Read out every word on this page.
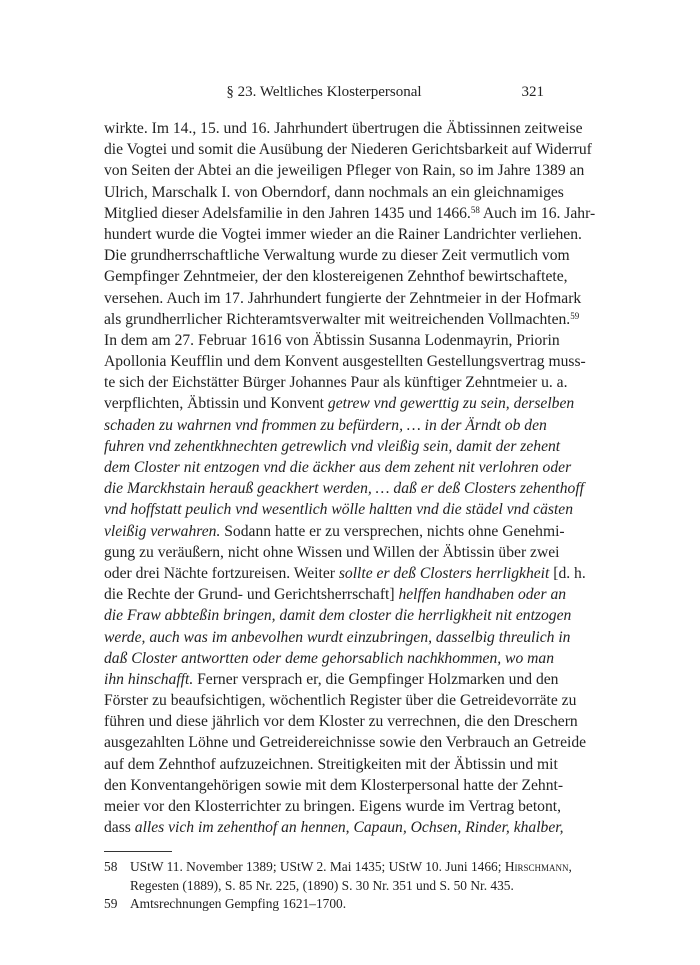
§ 23. Weltliches Klosterpersonal	321
wirkte. Im 14., 15. und 16. Jahrhundert übertrugen die Äbtissinnen zeitweise
die Vogtei und somit die Ausübung der Niederen Gerichtsbarkeit auf Widerruf
von Seiten der Abtei an die jeweiligen Pfleger von Rain, so im Jahre 1389 an
Ulrich, Marschalk I. von Oberndorf, dann nochmals an ein gleichnamiges
Mitglied dieser Adelsfamilie in den Jahren 1435 und 1466.58 Auch im 16. Jahr-
hundert wurde die Vogtei immer wieder an die Rainer Landrichter verliehen.
Die grundherrschaftliche Verwaltung wurde zu dieser Zeit vermutlich vom
Gempfinger Zehntmeier, der den klostereigenen Zehnthof bewirtschaftete,
versehen. Auch im 17. Jahrhundert fungierte der Zehntmeier in der Hofmark
als grundherrlicher Richteramtsverwalter mit weitreichenden Vollmachten.$^{59}$
In dem am 27. Februar 1616 von Äbtissin Susanna Lodenmayrin, Priorin
Apollonia Keufflin und dem Konvent ausgestellten Gestellungsvertrag muss-
te sich der Eichstätter Bürger Johannes Paur als künftiger Zehntmeier u. a.
verpflichten, Äbtissin und Konvent getrew vnd gewerttig zu sein, derselben
schaden zu wahrnen vnd frommen zu befürdern, … in der Ärndt ob den
fuhren vnd zehentkhnechten getrewlich vnd vleißig sein, damit der zehent
dem Closter nit entzogen vnd die äckher aus dem zehent nit verlohren oder
die Marckhstain herauß geackhert werden, … daß er deß Closters zehenthoff
vnd hoffstatt peulich vnd wesentlich wölle haltten vnd die städel vnd cästen
vleißig verwahren. Sodann hatte er zu versprechen, nichts ohne Genehmi-
gung zu veräußern, nicht ohne Wissen und Willen der Äbtissin über zwei
oder drei Nächte fortzureisen. Weiter sollte er deß Closters herrligkheit [d. h.
die Rechte der Grund- und Gerichtsherrschaft] helffen handhaben oder an
die Fraw abbteßin bringen, damit dem closter die herrligkheit nit entzogen
werde, auch was im anbevolhen wurdt einzubringen, dasselbig threulich in
daß Closter antwortten oder deme gehorsablich nachkhommen, wo man
ihn hinschafft. Ferner versprach er, die Gempfinger Holzmarken und den
Förster zu beaufsichtigen, wöchentlich Register über die Getreidevorräte zu
führen und diese jährlich vor dem Kloster zu verrechnen, die den Dreschern
ausgezahlten Löhne und Getreidereichnisse sowie den Verbrauch an Getreide
auf dem Zehnthof aufzuzeichnen. Streitigkeiten mit der Äbtissin und mit
den Konventangehörigen sowie mit dem Klosterpersonal hatte der Zehnt-
meier vor den Klosterrichter zu bringen. Eigens wurde im Vertrag betont,
dass alles vich im zehenthof an hennen, Capaun, Ochsen, Rinder, khalber,
58 UStW 11. November 1389; UStW 2. Mai 1435; UStW 10. Juni 1466; Hirschmann,
Regesten (1889), S. 85 Nr. 225, (1890) S. 30 Nr. 351 und S. 50 Nr. 435.
59 Amtsrechnungen Gempfing 1621–1700.
